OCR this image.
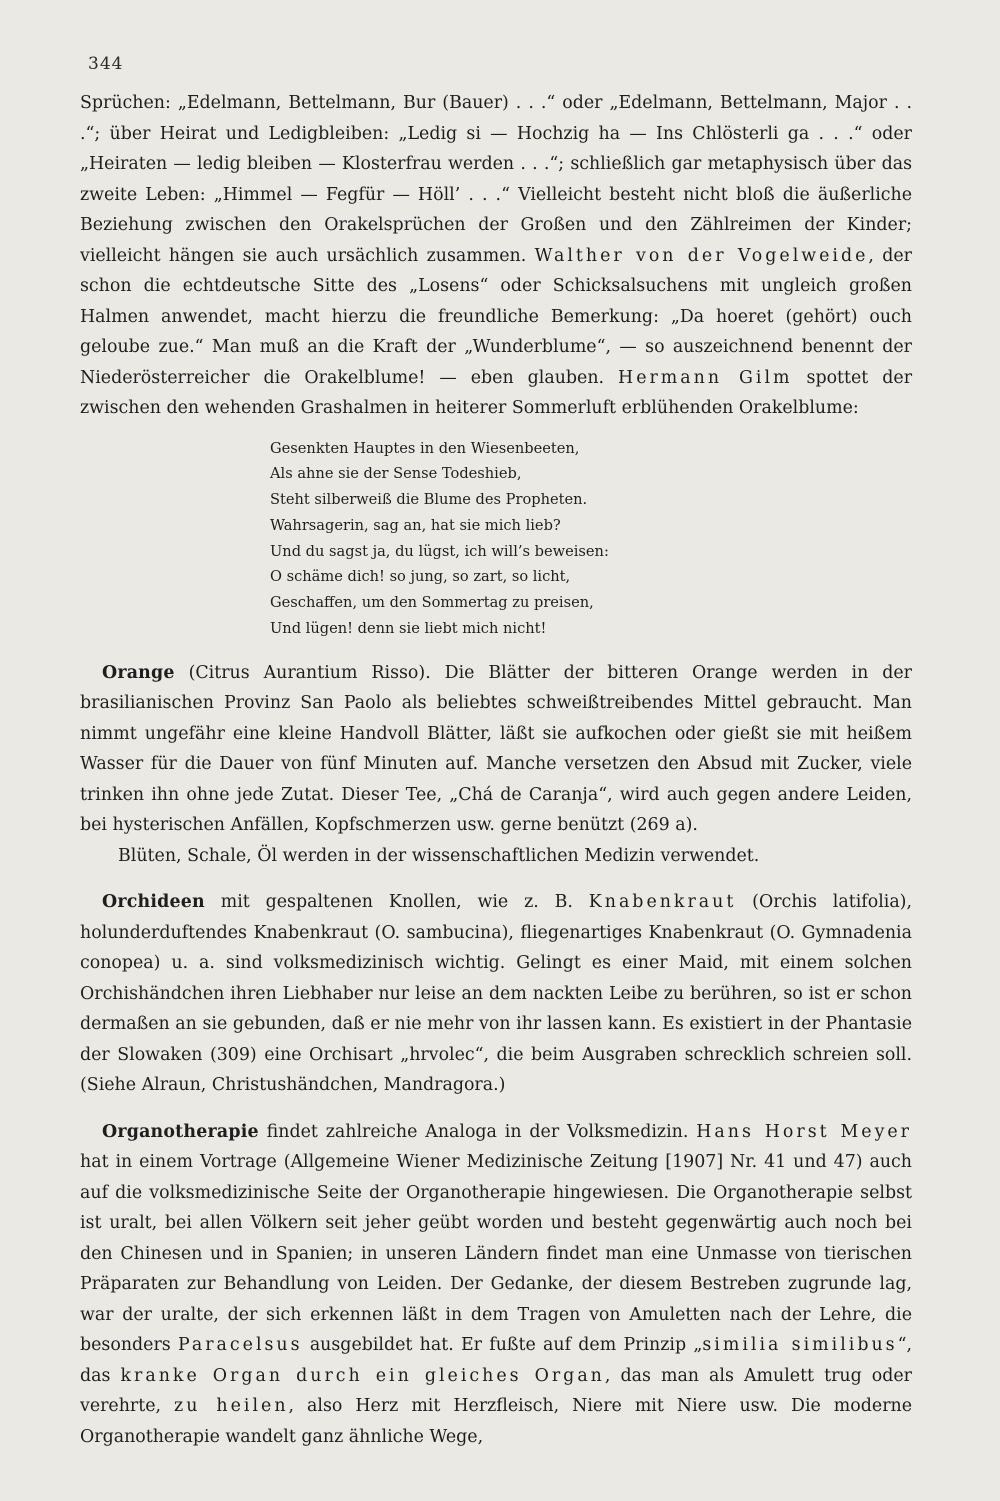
344

Sprüchen: „Edelmann, Bettelmann, Bur (Bauer) . . .“ oder „Edelmann, Bettelmann, Major . . .“; über Heirat und Ledigbleiben: „Ledig si — Hochzig ha — Ins Chlösterli ga . . .“ oder „Heiraten — ledig bleiben — Klosterfrau werden . . .“; schließlich gar metaphysisch über das zweite Leben: „Himmel — Fegfür — Höll’ . . .“ Vielleicht besteht nicht bloß die äußerliche Beziehung zwischen den Orakelsprüchen der Großen und den Zählreimen der Kinder; vielleicht hängen sie auch ursächlich zusammen. Walther von der Vogelweide, der schon die echtdeutsche Sitte des „Losens“ oder Schicksalsuchens mit ungleich großen Halmen anwendet, macht hierzu die freundliche Bemerkung: „Da hoeret (gehört) ouch geloube zue.“ Man muß an die Kraft der „Wunderblume“, — so auszeichnend benennt der Niederösterreicher die Orakelblume! — eben glauben. Hermann Gilm spottet der zwischen den wehenden Grashalmen in heiterer Sommerluft erblühenden Orakelblume:

Gesenkten Hauptes in den Wiesenbeeten,
Als ahne sie der Sense Todeshieb,
Steht silberweiß die Blume des Propheten.
Wahrsagerin, sag an, hat sie mich lieb?
Und du sagst ja, du lügst, ich will’s beweisen:
O schäme dich! so jung, so zart, so licht,
Geschaffen, um den Sommertag zu preisen,
Und lügen! denn sie liebt mich nicht!

Orange (Citrus Aurantium Risso). Die Blätter der bitteren Orange werden in der brasilianischen Provinz San Paolo als beliebtes schweißtreibendes Mittel gebraucht. Man nimmt ungefähr eine kleine Handvoll Blätter, läßt sie aufkochen oder gießt sie mit heißem Wasser für die Dauer von fünf Minuten auf. Manche versetzen den Absud mit Zucker, viele trinken ihn ohne jede Zutat. Dieser Tee, „Chá de Caranja“, wird auch gegen andere Leiden, bei hysterischen Anfällen, Kopfschmerzen usw. gerne benützt (269 a).

Blüten, Schale, Öl werden in der wissenschaftlichen Medizin verwendet.

Orchideen mit gespaltenen Knollen, wie z. B. Knabenkraut (Orchis latifolia), holunderduftendes Knabenkraut (O. sambucina), fliegenartiges Knabenkraut (O. Gymnadenia conopea) u. a. sind volksmedizinisch wichtig. Gelingt es einer Maid, mit einem solchen Orchishändchen ihren Liebhaber nur leise an dem nackten Leibe zu berühren, so ist er schon dermaßen an sie gebunden, daß er nie mehr von ihr lassen kann. Es existiert in der Phantasie der Slowaken (309) eine Orchisart „hrvolec“, die beim Ausgraben schrecklich schreien soll. (Siehe Alraun, Christushändchen, Mandragora.)

Organotherapie findet zahlreiche Analoga in der Volksmedizin. Hans Horst Meyer hat in einem Vortrage (Allgemeine Wiener Medizinische Zeitung [1907] Nr. 41 und 47) auch auf die volksmedizinische Seite der Organotherapie hingewiesen. Die Organotherapie selbst ist uralt, bei allen Völkern seit jeher geübt worden und besteht gegenwärtig auch noch bei den Chinesen und in Spanien; in unseren Ländern findet man eine Unmasse von tierischen Präparaten zur Behandlung von Leiden. Der Gedanke, der diesem Bestreben zugrunde lag, war der uralte, der sich erkennen läßt in dem Tragen von Amuletten nach der Lehre, die besonders Paracelsus ausgebildet hat. Er fußte auf dem Prinzip „similia similibus“, das kranke Organ durch ein gleiches Organ, das man als Amulett trug oder verehrte, zu heilen, also Herz mit Herzfleisch, Niere mit Niere usw. Die moderne Organotherapie wandelt ganz ähnliche Wege,
